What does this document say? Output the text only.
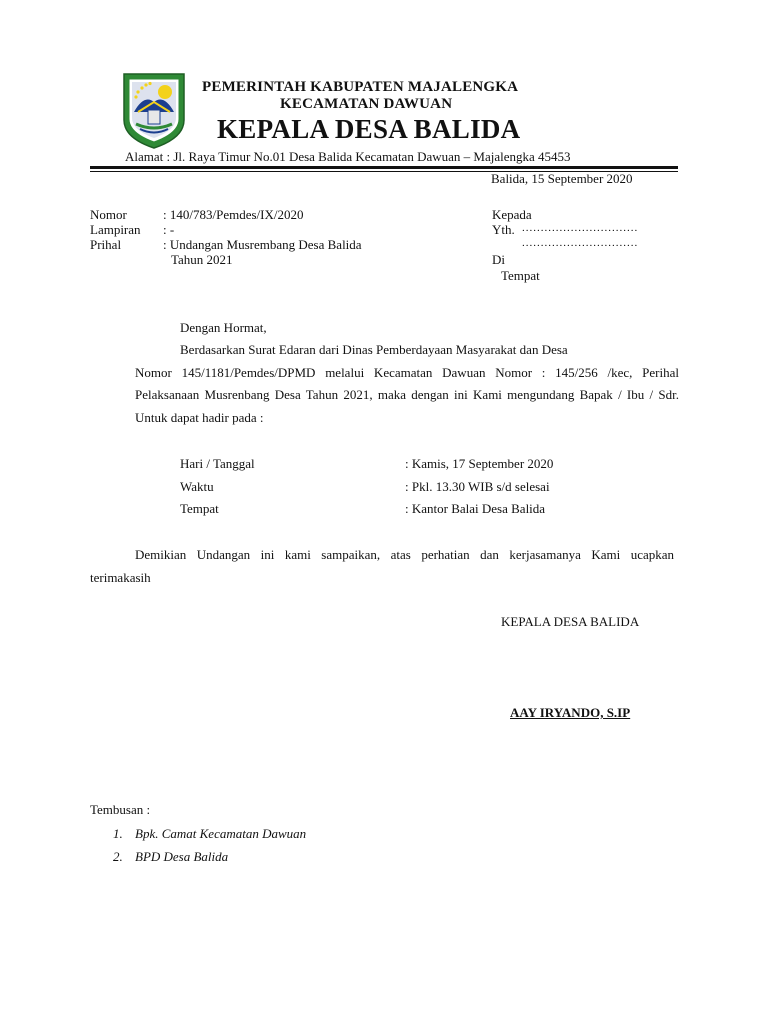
PEMERINTAH KABUPATEN MAJALENGKA
KECAMATAN DAWUAN
KEPALA DESA BALIDA
Alamat : Jl. Raya Timur No.01 Desa Balida Kecamatan Dawuan – Majalengka 45453
Balida, 15 September 2020
Nomor	: 140/783/Pemdes/IX/2020
Lampiran : -
Prihal	: Undangan Musrembang Desa Balida
Tahun 2021
Kepada
Yth. ...............................
...............................
Di
Tempat
Dengan Hormat,

Berdasarkan Surat Edaran dari Dinas Pemberdayaan Masyarakat dan Desa

Nomor 145/1181/Pemdes/DPMD melalui Kecamatan Dawuan Nomor : 145/256 /kec, Perihal Pelaksanaan Musrenbang Desa Tahun 2021, maka dengan ini Kami mengundang Bapak / Ibu / Sdr. Untuk dapat hadir pada :

Hari / Tanggal	: Kamis, 17 September 2020
Waktu	: Pkl. 13.30 WIB s/d selesai
Tempat	: Kantor Balai Desa Balida
Demikian Undangan ini kami sampaikan, atas perhatian dan kerjasamanya Kami ucapkan
terimakasih
KEPALA DESA BALIDA
AAY IRYANDO, S.IP
Tembusan :
1. Bpk. Camat Kecamatan Dawuan
2. BPD Desa Balida
